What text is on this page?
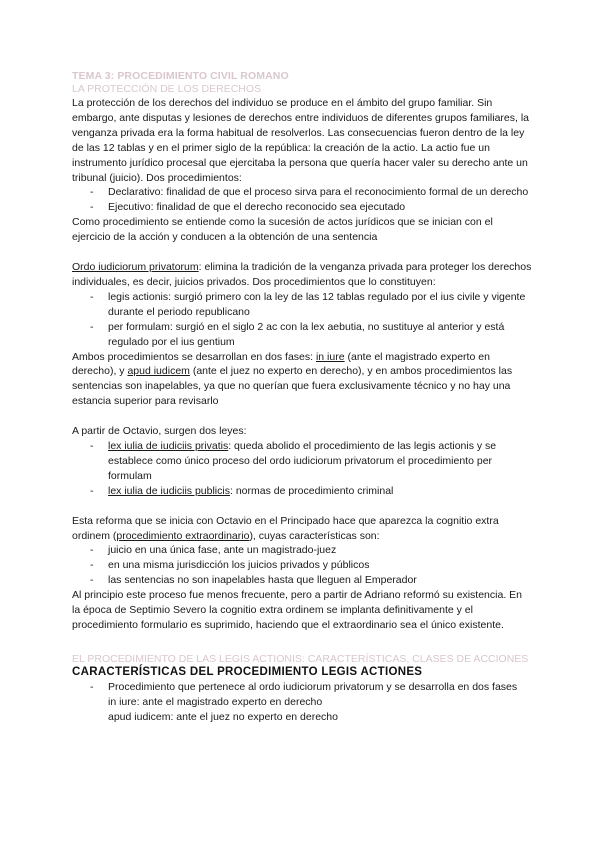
TEMA 3: PROCEDIMIENTO CIVIL ROMANO
LA PROTECCIÓN DE LOS DERECHOS

La protección de los derechos del individuo se produce en el ámbito del grupo familiar. Sin embargo, ante disputas y lesiones de derechos entre individuos de diferentes grupos familiares, la venganza privada era la forma habitual de resolverlos. Las consecuencias fueron dentro de la ley de las 12 tablas y en el primer siglo de la república: la creación de la actio. La actio fue un instrumento jurídico procesal que ejercitaba la persona que quería hacer valer su derecho ante un tribunal (juicio). Dos procedimientos:

- Declarativo: finalidad de que el proceso sirva para el reconocimiento formal de un derecho
- Ejecutivo: finalidad de que el derecho reconocido sea ejecutado

Como procedimiento se entiende como la sucesión de actos jurídicos que se inician con el ejercicio de la acción y conducen a la obtención de una sentencia

Ordo iudiciorum privatorum: elimina la tradición de la venganza privada para proteger los derechos individuales, es decir, juicios privados. Dos procedimientos que lo constituyen:

- legis actionis: surgió primero con la ley de las 12 tablas regulado por el ius civile y vigente durante el periodo republicano
- per formulam: surgió en el siglo 2 ac con la lex aebutia, no sustituye al anterior y está regulado por el ius gentium

Ambos procedimientos se desarrollan en dos fases: in iure (ante el magistrado experto en derecho), y apud iudicem (ante el juez no experto en derecho), y en ambos procedimientos las sentencias son inapelables, ya que no querían que fuera exclusivamente técnico y no hay una estancia superior para revisarlo

A partir de Octavio, surgen dos leyes:

- lex iulia de iudiciis privatis: queda abolido el procedimiento de las legis actionis y se establece como único proceso del ordo iudiciorum privatorum el procedimiento per formulam
- lex iulia de iudiciis publicis: normas de procedimiento criminal

Esta reforma que se inicia con Octavio en el Principado hace que aparezca la cognitio extra ordinem (procedimiento extraordinario), cuyas características son:

- juicio en una única fase, ante un magistrado-juez
- en una misma jurisdicción los juicios privados y públicos
- las sentencias no son inapelables hasta que lleguen al Emperador

Al principio este proceso fue menos frecuente, pero a partir de Adriano reformó su existencia. En la época de Septimio Severo la cognitio extra ordinem se implanta definitivamente y el procedimiento formulario es suprimido, haciendo que el extraordinario sea el único existente.

EL PROCEDIMIENTO DE LAS LEGIS ACTIONIS: CARACTERÍSTICAS, CLASES DE ACCIONES
CARACTERÍSTICAS DEL PROCEDIMIENTO LEGIS ACTIONES
- Procedimiento que pertenece al ordo iudiciorum privatorum y se desarrolla en dos fases

in iure: ante el magistrado experto en derecho

apud iudicem: ante el juez no experto en derecho
